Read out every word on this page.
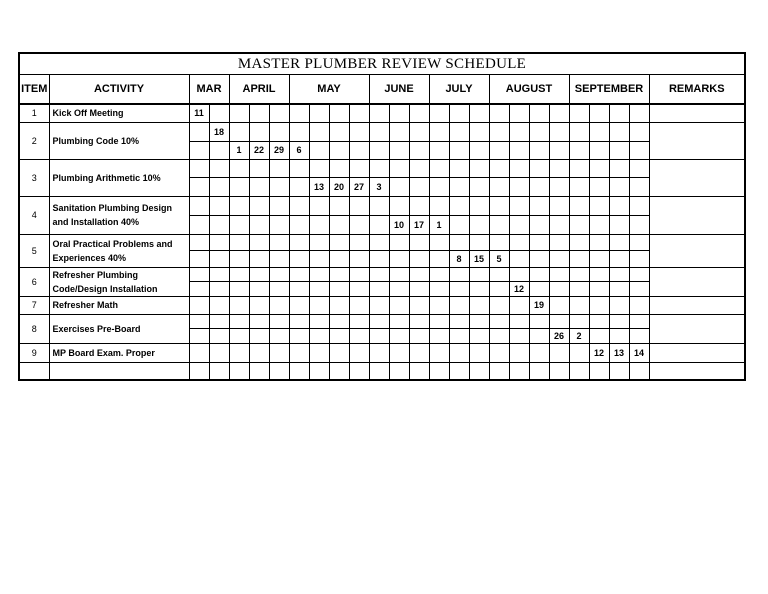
MASTER PLUMBER REVIEW SCHEDULE																									
ITEM	ACTIVITY	MAR		APRIL			MAY				JUNE			JULY			AUGUST				SEPTEMBER				REMARKS
1	Kick Off Meeting	11																							
2	Plumbing Code 10%		18																						
				1	22	29	6																		
3	Plumbing Arithmetic 10%																								
								13	20	27	3														
4	Sanitation Plumbing Design and Installation 40%																								
												10	17	1											
5	Oral Practical Problems and Experiences 40%																								
															8	15	5								
6	Refresher Plumbing Code/Design Installation																								
																		12							
7	Refresher Math																		19						
8	Exercises Pre-Board																								
																				26	2				
9	MP Board Exam. Proper																					12	13	14	
